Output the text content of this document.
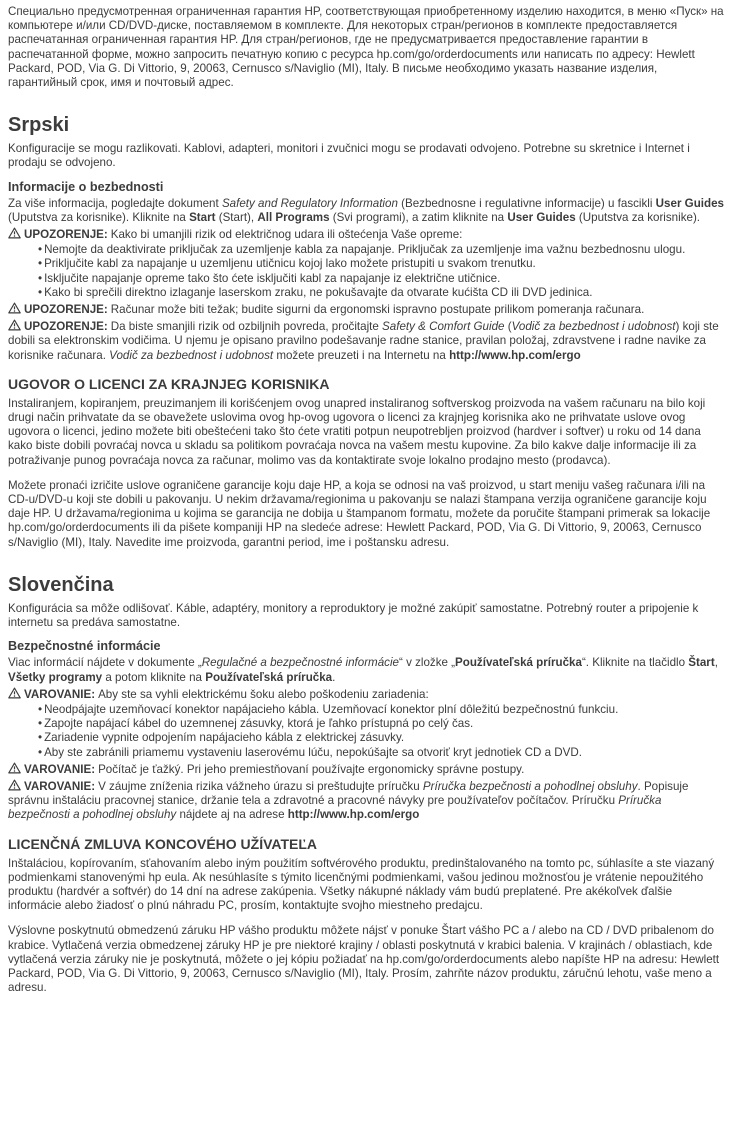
Специально предусмотренная ограниченная гарантия HP, соответствующая приобретенному изделию находится, в меню «Пуск» на компьютере и/или CD/DVD-диске, поставляемом в комплекте. Для некоторых стран/регионов в комплекте предоставляется распечатанная ограниченная гарантия HP. Для стран/регионов, где не предусматривается предоставление гарантии в распечатанной форме, можно запросить печатную копию с ресурса hp.com/go/orderdocuments или написать по адресу: Hewlett Packard, POD, Via G. Di Vittorio, 9, 20063, Cernusco s/Naviglio (MI), Italy. В письме необходимо указать название изделия, гарантийный срок, имя и почтовый адрес.

Srpski

Konfiguracije se mogu razlikovati. Kablovi, adapteri, monitori i zvučnici mogu se prodavati odvojeno. Potrebne su skretnice i Internet i prodaju se odvojeno.

Informacije o bezbednosti

Za više informacija, pogledajte dokument Safety and Regulatory Information (Bezbednosne i regulativne informacije) u fascikli User Guides (Uputstva za korisnike). Kliknite na Start (Start), All Programs (Svi programi), a zatim kliknite na User Guides (Uputstva za korisnike).

UPOZORENJE: Kako bi umanjili rizik od električnog udara ili oštećenja Vaše opreme:

• Nemojte da deaktivirate priključak za uzemljenje kabla za napajanje. Priključak za uzemljenje ima važnu bezbednosnu ulogu.
• Priključite kabl za napajanje u uzemljenu utičnicu kojoj lako možete pristupiti u svakom trenutku.
• Isključite napajanje opreme tako što ćete isključiti kabl za napajanje iz električne utičnice.
• Kako bi sprečili direktno izlaganje laserskom zraku, ne pokušavajte da otvarate kućišta CD ili DVD jedinica.

UPOZORENJE: Računar može biti težak; budite sigurni da ergonomski ispravno postupate prilikom pomeranja računara.

UPOZORENJE: Da biste smanjili rizik od ozbiljnih povreda, pročitajte Safety & Comfort Guide (Vodič za bezbednost i udobnost) koji ste dobili sa elektronskim vodičima. U njemu je opisano pravilno podešavanje radne stanice, pravilan položaj, zdravstvene i radne navike za korisnike računara. Vodič za bezbednost i udobnost možete preuzeti i na Internetu na http://www.hp.com/ergo

UGOVOR O LICENCI ZA KRAJNJEG KORISNIKA

Instaliranjem, kopiranjem, preuzimanjem ili korišćenjem ovog unapred instaliranog softverskog proizvoda na vašem računaru na bilo koji drugi način prihvatate da se obavežete uslovima ovog hp-ovog ugovora o licenci za krajnjeg korisnika ako ne prihvatate uslove ovog ugovora o licenci, jedino možete biti obeštećeni tako što ćete vratiti potpun neupotrebljen proizvod (hardver i softver) u roku od 14 dana kako biste dobili povraćaj novca u skladu sa politikom povraćaja novca na vašem mestu kupovine. Za bilo kakve dalje informacije ili za potraživanje punog povraćaja novca za računar, molimo vas da kontaktirate svoje lokalno prodajno mesto (prodavca).

Možete pronaći izričite uslove ograničene garancije koju daje HP, a koja se odnosi na vaš proizvod, u start meniju vašeg računara i/ili na CD-u/DVD-u koji ste dobili u pakovanju. U nekim državama/regionima u pakovanju se nalazi štampana verzija ograničene garancije koju daje HP. U državama/regionima u kojima se garancija ne dobija u štampanom formatu, možete da poručite štampani primerak sa lokacije hp.com/go/orderdocuments ili da pišete kompaniji HP na sledeće adrese: Hewlett Packard, POD, Via G. Di Vittorio, 9, 20063, Cernusco s/Naviglio (MI), Italy. Navedite ime proizvoda, garantni period, ime i poštansku adresu.

Slovenčina

Konfigurácia sa môže odlišovať. Káble, adaptéry, monitory a reproduktory je možné zakúpiť samostatne. Potrebný router a pripojenie k internetu sa predáva samostatne.

Bezpečnostné informácie

Viac informácií nájdete v dokumente „Regulačné a bezpečnostné informácie“ v zložke „Používateľská príručka“. Kliknite na tlačidlo Štart, Všetky programy a potom kliknite na Používateľská príručka.

VAROVANIE: Aby ste sa vyhli elektrickému šoku alebo poškodeniu zariadenia:

• Neodpájajte uzemňovací konektor napájacieho kábla. Uzemňovací konektor plní dôležitú bezpečnostnú funkciu.
• Zapojte napájací kábel do uzemnenej zásuvky, ktorá je ľahko prístupná po celý čas.
• Zariadenie vypnite odpojením napájacieho kábla z elektrickej zásuvky.
• Aby ste zabránili priamemu vystaveniu laserovému lúču, nepokúšajte sa otvoriť kryt jednotiek CD a DVD.

VAROVANIE: Počítač je ťažký. Pri jeho premiestňovaní používajte ergonomicky správne postupy.

VAROVANIE: V záujme zníženia rizika vážneho úrazu si preštudujte príručku Príručka bezpečnosti a pohodlnej obsluhy. Popisuje správnu inštaláciu pracovnej stanice, držanie tela a zdravotné a pracovné návyky pre používateľov počítačov. Príručku Príručka bezpečnosti a pohodlnej obsluhy nájdete aj na adrese http://www.hp.com/ergo

LICENČNÁ ZMLUVA KONCOVÉHO UŽÍVATEĽA

Inštaláciou, kopírovaním, sťahovaním alebo iným použitím softvérového produktu, predinštalovaného na tomto pc, súhlasíte a ste viazaný podmienkami stanovenými hp eula. Ak nesúhlasíte s týmito licenčnými podmienkami, vašou jedinou možnosťou je vrátenie nepoužitého produktu (hardvér a softvér) do 14 dní na adrese zakúpenia. Všetky nákupné náklady vám budú preplatené. Pre akékoľvek ďalšie informácie alebo žiadosť o plnú náhradu PC, prosím, kontaktujte svojho miestneho predajcu.

Výslovne poskytnutú obmedzenú záruku HP vášho produktu môžete nájsť v ponuke Štart vášho PC a / alebo na CD / DVD pribalenom do krabice. Vytlačená verzia obmedzenej záruky HP je pre niektoré krajiny / oblasti poskytnutá v krabici balenia. V krajinách / oblastiach, kde vytlačená verzia záruky nie je poskytnutá, môžete o jej kópiu požiadať na hp.com/go/orderdocuments alebo napíšte HP na adresu: Hewlett Packard, POD, Via G. Di Vittorio, 9, 20063, Cernusco s/Naviglio (MI), Italy. Prosím, zahrňte názov produktu, záručnú lehotu, vaše meno a adresu.
